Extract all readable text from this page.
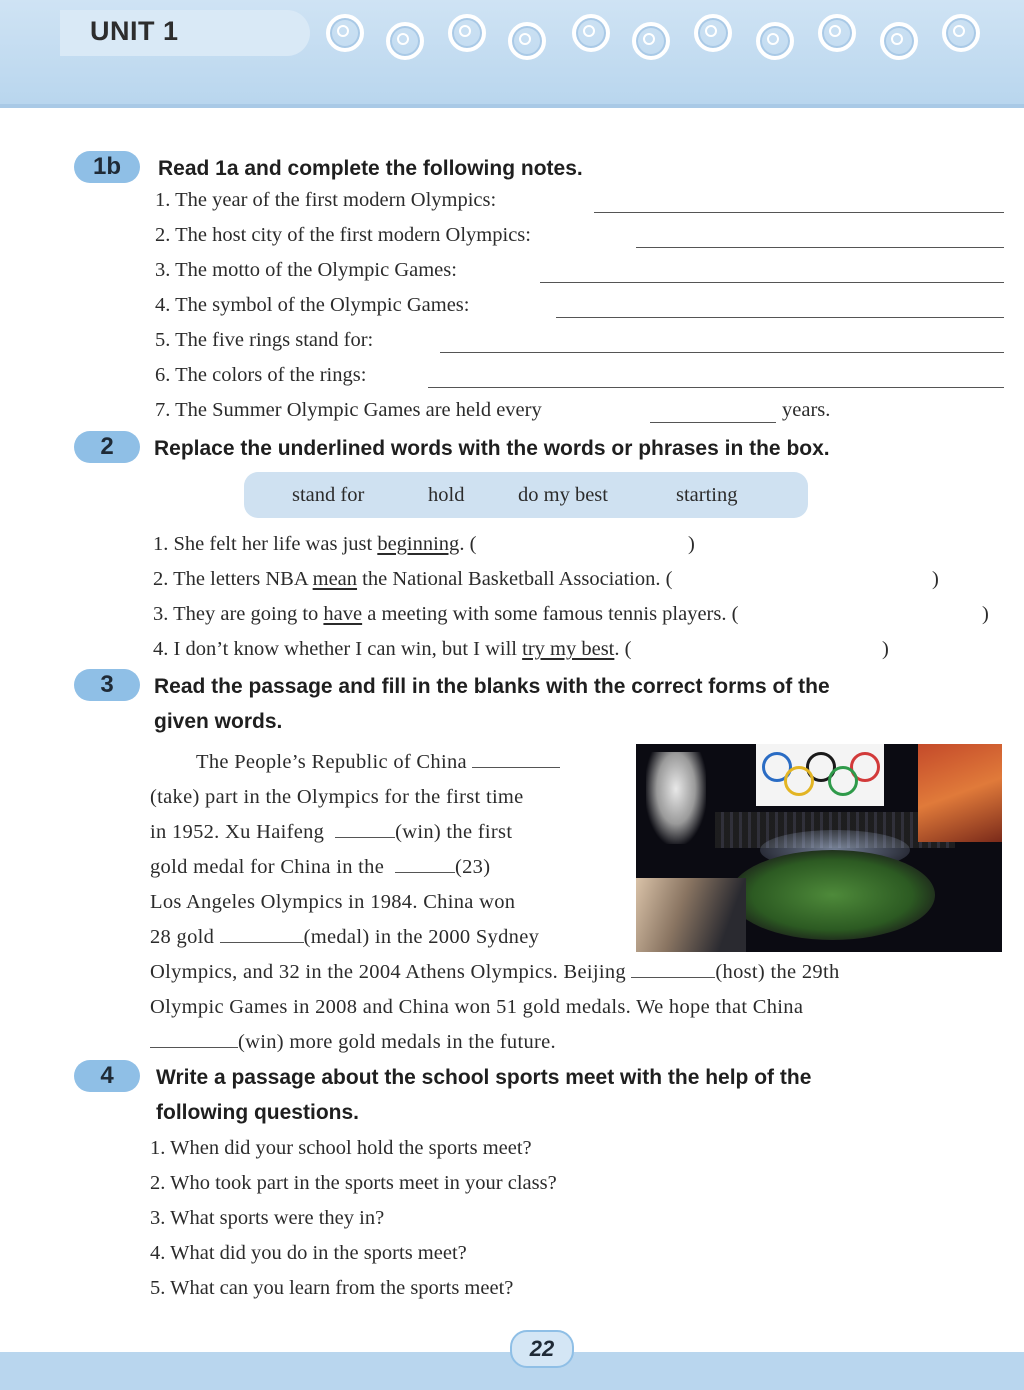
UNIT 1
1b	Read 1a and complete the following notes.
1. The year of the first modern Olympics:
2. The host city of the first modern Olympics:
3. The motto of the Olympic Games:
4. The symbol of the Olympic Games:
5. The five rings stand for:
6. The colors of the rings:
7. The Summer Olympic Games are held every	years.
2	Replace the underlined words with the words or phrases in the box.
stand for	hold	do my best	starting
1. She felt her life was just beginning. (	)
2. The letters NBA mean the National Basketball Association. (	)
3. They are going to have a meeting with some famous tennis players. (	)
4. I don’t know whether I can win, but I will try my best. (	)
3	Read the passage and fill in the blanks with the correct forms of the
given words.
The People’s Republic of China
(take) part in the Olympics for the first time
in 1952. Xu Haifeng	(win) the first
gold medal for China in the	(23)
Los Angeles Olympics in 1984. China won
28 gold	(medal) in the 2000 Sydney
Olympics, and 32 in the 2004 Athens Olympics. Beijing	(host) the 29th
Olympic Games in 2008 and China won 51 gold medals. We hope that China
(win) more gold medals in the future.
4	Write a passage about the school sports meet with the help of the
following questions.
1. When did your school hold the sports meet?
2. Who took part in the sports meet in your class?
3. What sports were they in?
4. What did you do in the sports meet?
5. What can you learn from the sports meet?
22
